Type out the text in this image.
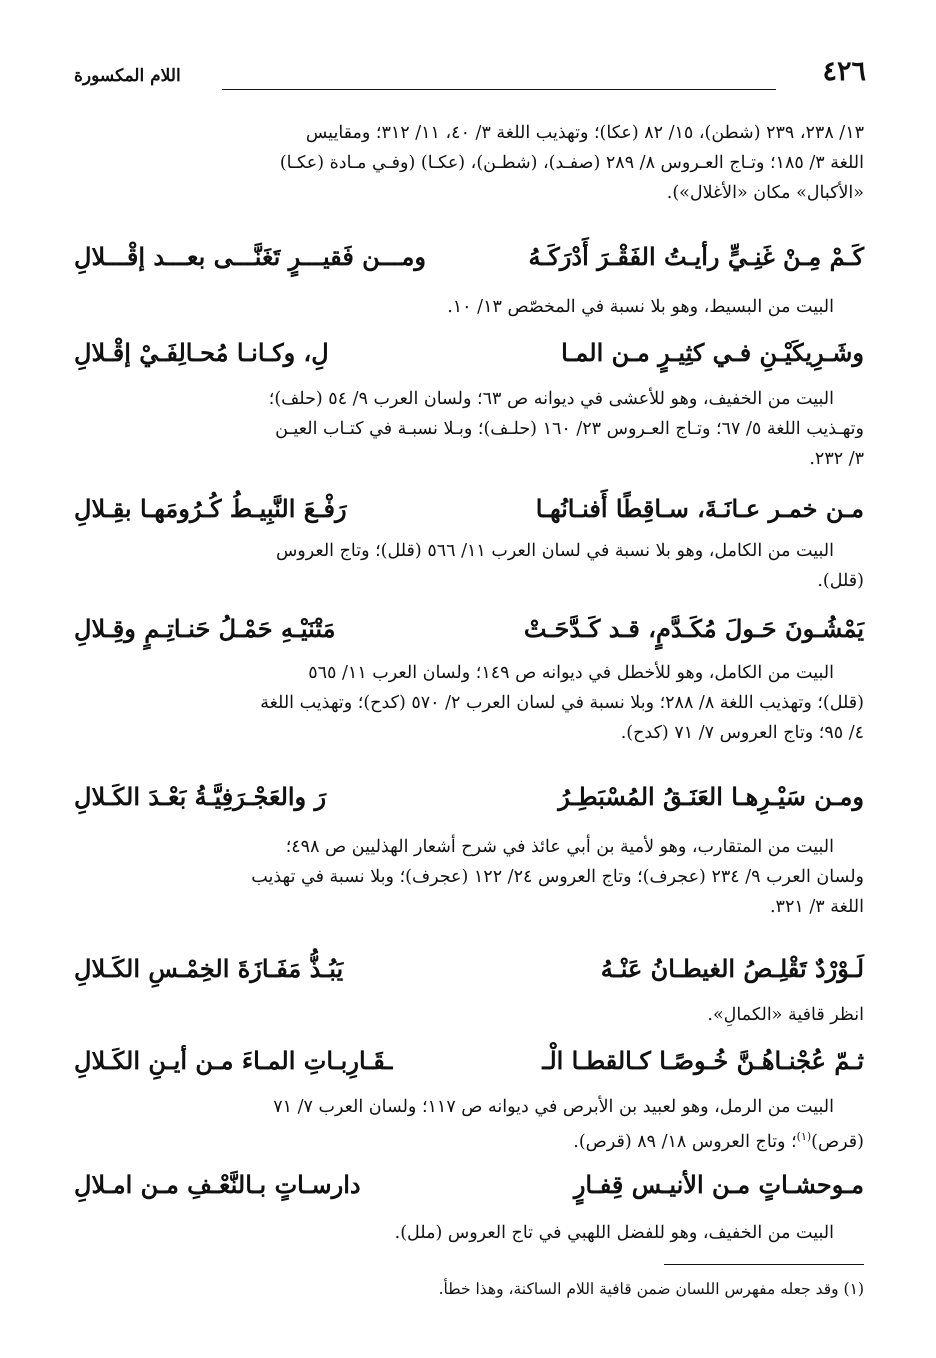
٤٢٦
اللام المكسورة
١٣/ ٢٣٨، ٢٣٩ (شطن)، ١٥/ ٨٢ (عكا)؛ وتهذيب اللغة ٣/ ٤٠، ١١/ ٣١٢؛ ومقاييس
اللغة ٣/ ١٨٥؛ وتـاج العـروس ٨/ ٢٨٩ (صفـد)، (شطـن)، (عكـا) (وفـي مـادة (عكـا)
«الأكبال» مكان «الأغلال»).
كَـمْ مِـنْ غَنِـيٍّ رأيـتُ الفَقْـرَ أَدْرَكَـهُ
ومـــن فَقيـــرٍ تَغَنَّـــى بعـــد إقْـــلالِ
البيت من البسيط، وهو بلا نسبة في المخصّص ١٣/ ١٠.
وشَـرِيكَيْـنِ فـي كثِيـرٍ مـن المـا
لِ، وكـانـا مُحـالِفَـيْ إقْـلالِ
البيت من الخفيف، وهو للأعشى في ديوانه ص ٦٣؛ ولسان العرب ٩/ ٥٤ (حلف)؛
وتهـذيب اللغة ٥/ ٦٧؛ وتـاج العـروس ٢٣/ ١٦٠ (حلـف)؛ وبـلا نسبـة في كتـاب العيـن
٣/ ٢٣٢.
مـن خمـر عـانَـةَ، سـاقِطًا أَفنـانُهـا
رَفْـعَ النَّبِيـطُ كُـرُومَهـا بقِـلالِ
البيت من الكامل، وهو بلا نسبة في لسان العرب ١١/ ٥٦٦ (قلل)؛ وتاج العروس
(قلل).
يَمْشُـونَ حَـولَ مُكَـدَّمٍ، قـد كَـدَّحَـتْ
مَتْنَيْـهِ حَمْـلُ حَنـاتِـمٍ وقِـلالِ
البيت من الكامل، وهو للأخطل في ديوانه ص ١٤٩؛ ولسان العرب ١١/ ٥٦٥
(قلل)؛ وتهذيب اللغة ٨/ ٢٨٨؛ وبلا نسبة في لسان العرب ٢/ ٥٧٠ (كدح)؛ وتهذيب اللغة
٤/ ٩٥؛ وتاج العروس ٧/ ٧١ (كدح).
ومـن سَيْـرِهـا العَنَـقُ المُسْبَطِـرُ
رَ والعَجْـرَفِيَّـةُ بَعْـدَ الكَـلالِ
البيت من المتقارب، وهو لأمية بن أبي عائذ في شرح أشعار الهذليين ص ٤٩٨؛
ولسان العرب ٩/ ٢٣٤ (عجرف)؛ وتاج العروس ٢٤/ ١٢٢ (عجرف)؛ وبلا نسبة في تهذيب
اللغة ٣/ ٣٢١.
لَـوْرْدٌ تَقْلِـصُ الغيطـانُ عَنْـهُ
يَبُـذُّ مَفَـازَةَ الخِمْـسِ الكَـلالِ
انظر قافية «الكمالِ».
ثـمّ عُجْنـاهُـنَّ خُـوصًـا كـالقطـا الْـ
ـقَـارِبـاتِ المـاءَ مـن أيـنِ الكَـلالِ
البيت من الرمل، وهو لعبيد بن الأبرص في ديوانه ص ١١٧؛ ولسان العرب ٧/ ٧١
(قرص)$^{(١)}$؛ وتاج العروس ١٨/ ٨٩ (قرص).
مـوحشـاتٍ مـن الأنيـس قِفـارٍ
دارسـاتٍ بـالنَّعْـفِ مـن امـلالِ
البيت من الخفيف، وهو للفضل اللهبي في تاج العروس (ملل).
(١) وقد جعله مفهرس اللسان ضمن قافية اللام الساكنة، وهذا خطأ.
